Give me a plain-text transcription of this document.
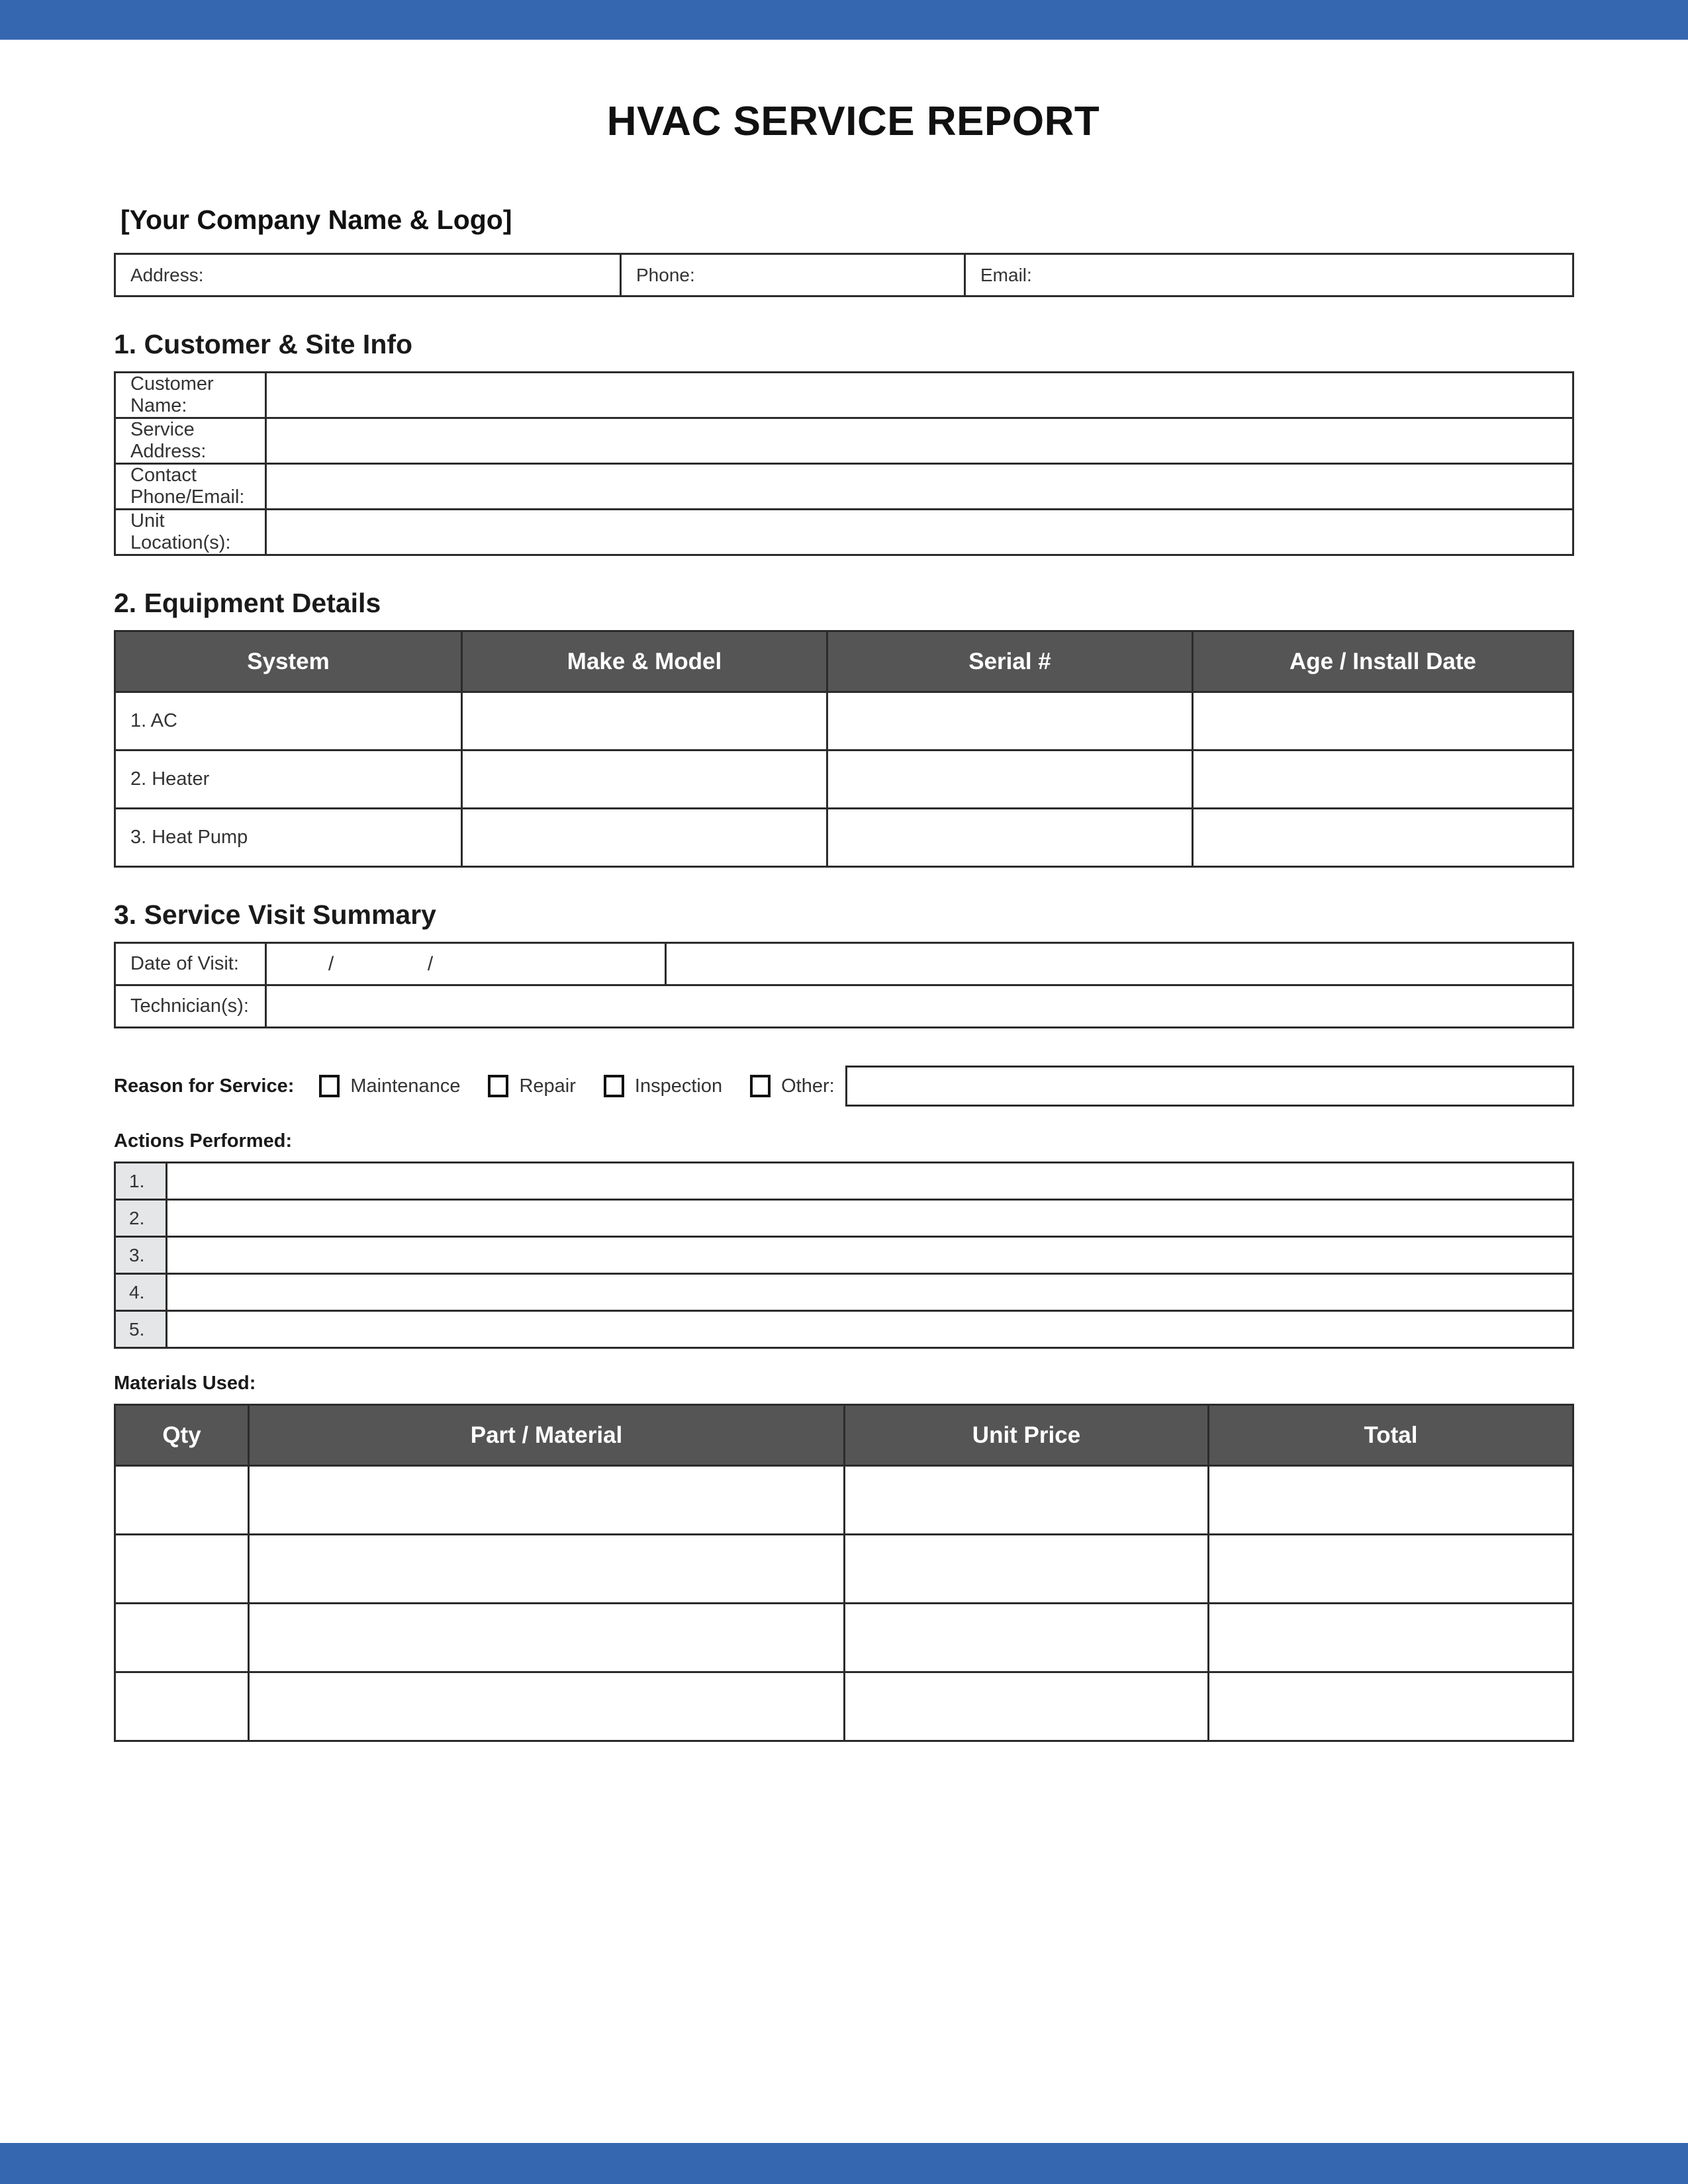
HVAC SERVICE REPORT
[Your Company Name & Logo]
Address:		Phone:		Email:	
1. Customer & Site Info
Customer Name:	
Service Address:	
Contact Phone/Email:	
Unit Location(s):	
2. Equipment Details
System	Make & Model	Serial #	Age / Install Date
1. AC			
2. Heater			
3. Heat Pump			
3. Service Visit Summary
Date of Visit:	/ /	
Technician(s):		
Reason for Service:	Maintenance	Repair	Inspection	Other:
Actions Performed:
1.	
2.	
3.	
4.	
5.	
Materials Used:
Qty	Part / Material	Unit Price	Total
